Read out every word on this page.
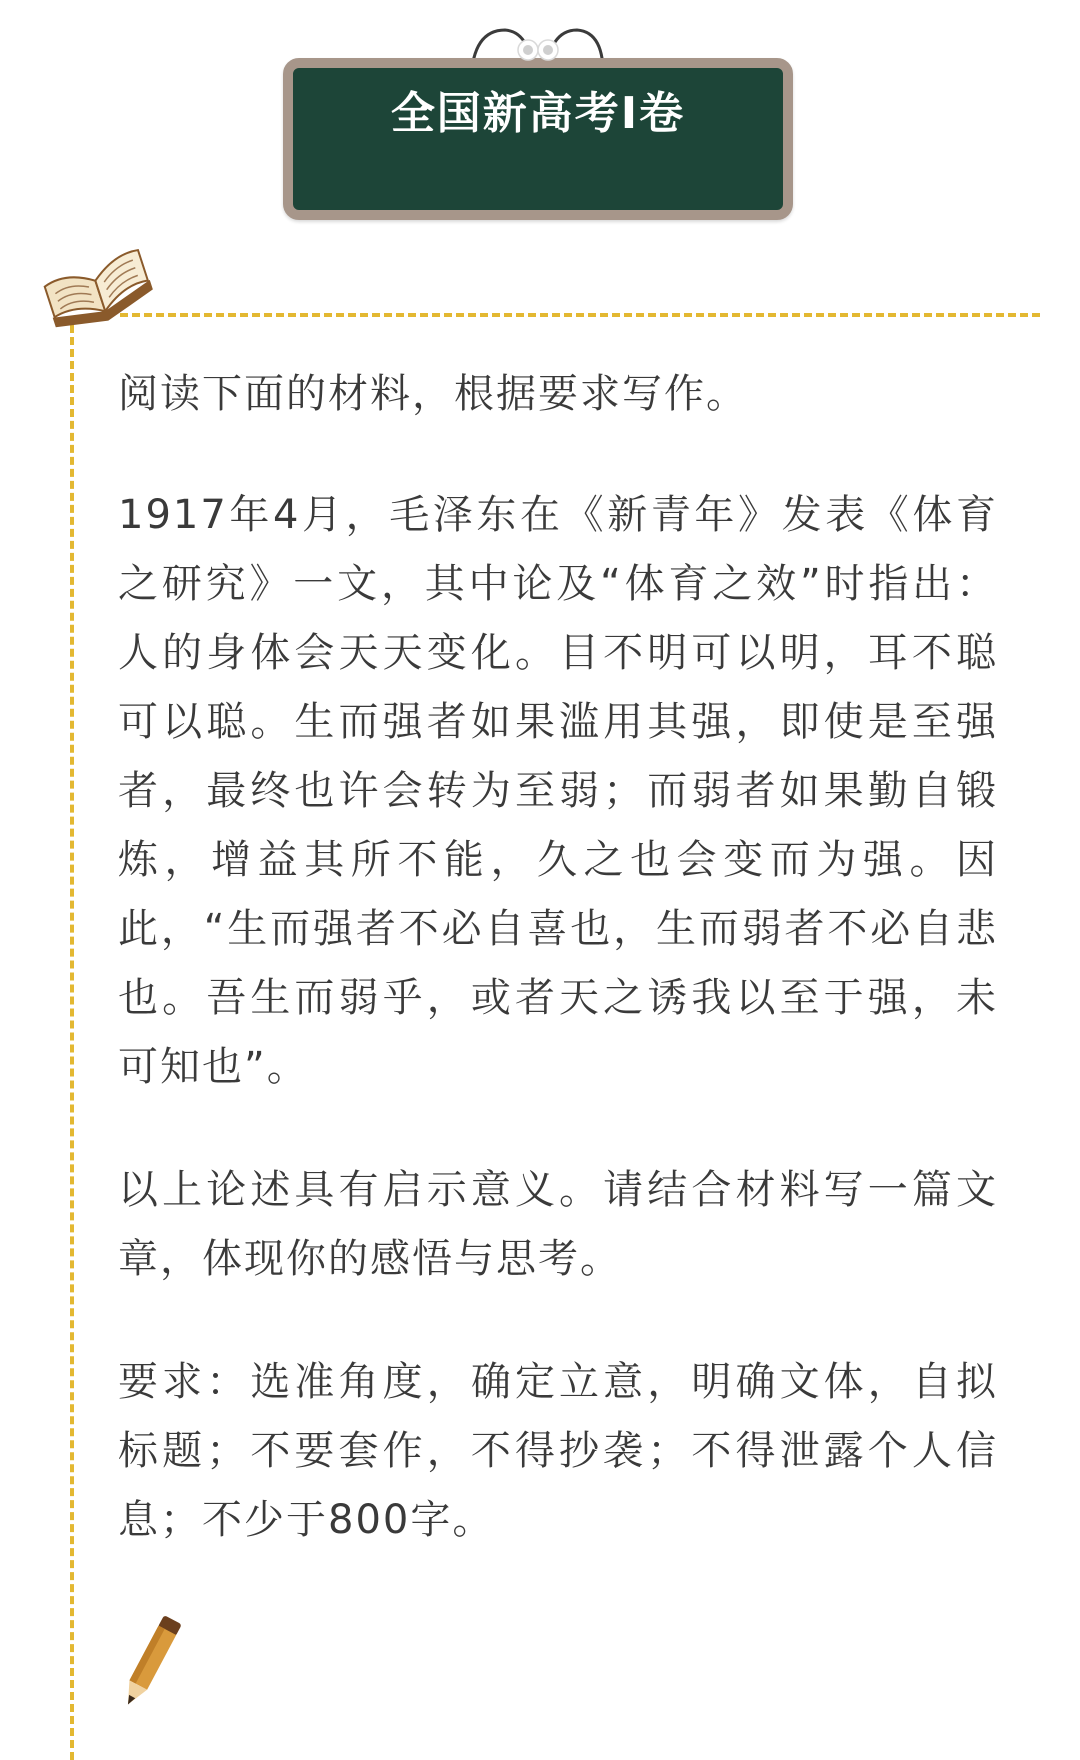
全国新高考I卷

阅读下面的材料，根据要求写作。

1917年4月，毛泽东在《新青年》发表《体育之研究》一文，其中论及“体育之效”时指出：人的身体会天天变化。目不明可以明，耳不聪可以聪。生而强者如果滥用其强，即使是至强者，最终也许会转为至弱；而弱者如果勤自锻炼，增益其所不能，久之也会变而为强。因此，“生而强者不必自喜也，生而弱者不必自悲也。吾生而弱乎，或者天之诱我以至于强，未可知也”。

以上论述具有启示意义。请结合材料写一篇文章，体现你的感悟与思考。

要求：选准角度，确定立意，明确文体，自拟标题；不要套作，不得抄袭；不得泄露个人信息；不少于800字。
